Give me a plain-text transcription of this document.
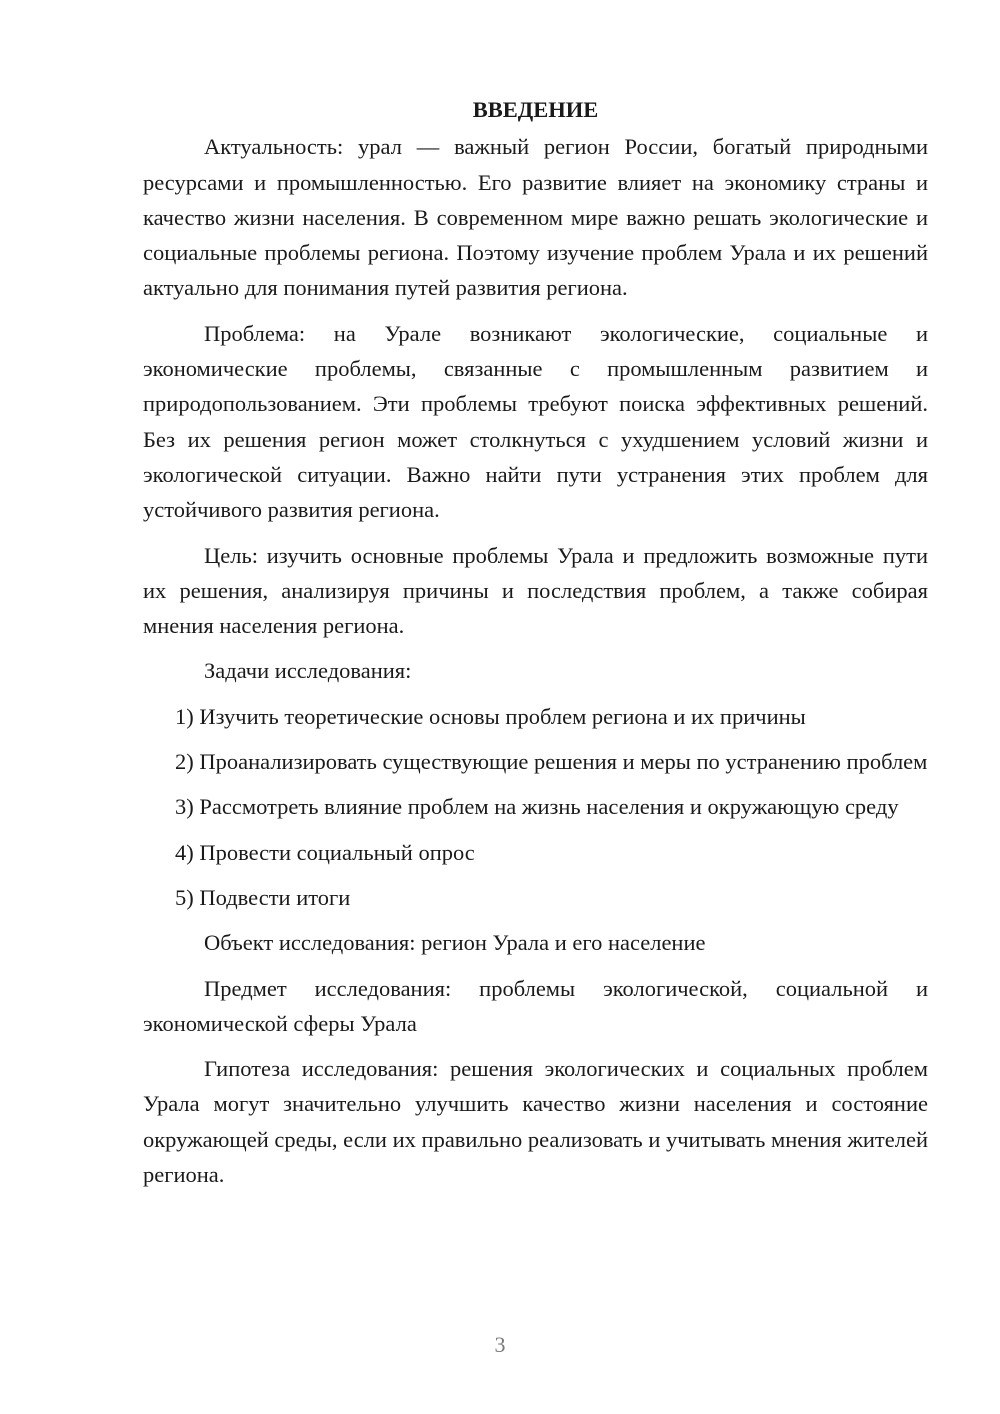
ВВЕДЕНИЕ

Актуальность: урал — важный регион России, богатый природными ресурсами и промышленностью. Его развитие влияет на экономику страны и качество жизни населения. В современном мире важно решать экологические и социальные проблемы региона. Поэтому изучение проблем Урала и их решений актуально для понимания путей развития региона.

Проблема: на Урале возникают экологические, социальные и экономические проблемы, связанные с промышленным развитием и природопользованием. Эти проблемы требуют поиска эффективных решений. Без их решения регион может столкнуться с ухудшением условий жизни и экологической ситуации. Важно найти пути устранения этих проблем для устойчивого развития региона.

Цель: изучить основные проблемы Урала и предложить возможные пути их решения, анализируя причины и последствия проблем, а также собирая мнения населения региона.

Задачи исследования:

1) Изучить теоретические основы проблем региона и их причины

2) Проанализировать существующие решения и меры по устранению проблем

3) Рассмотреть влияние проблем на жизнь населения и окружающую среду

4) Провести социальный опрос

5) Подвести итоги

Объект исследования: регион Урала и его население

Предмет исследования: проблемы экологической, социальной и экономической сферы Урала

Гипотеза исследования: решения экологических и социальных проблем Урала могут значительно улучшить качество жизни населения и состояние окружающей среды, если их правильно реализовать и учитывать мнения жителей региона.

3
